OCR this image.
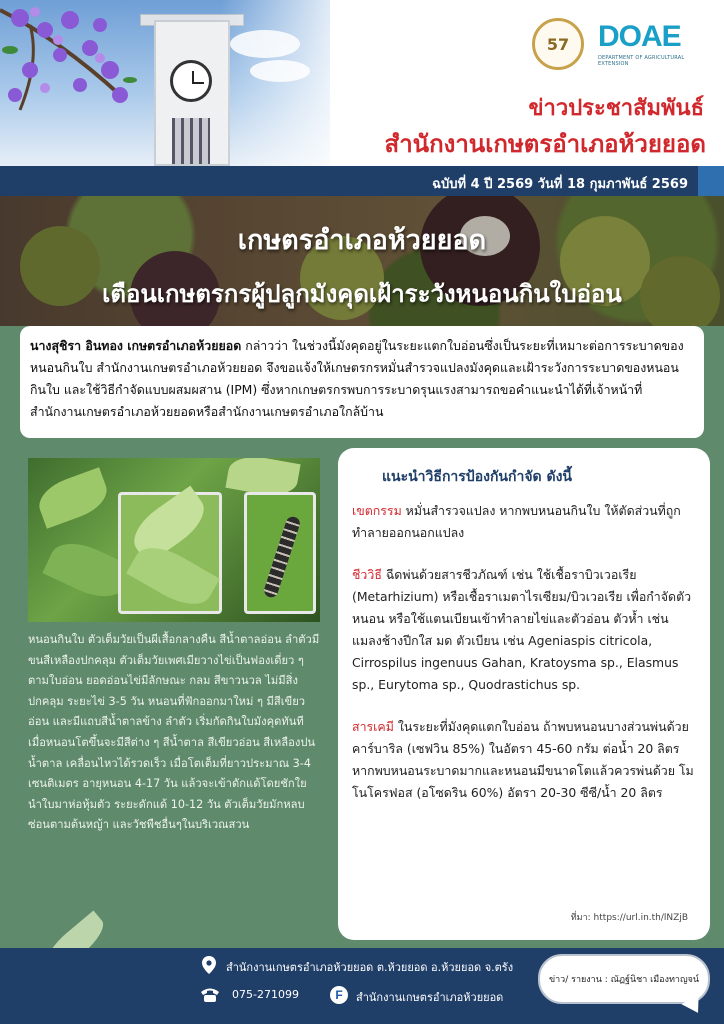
57 DOAE
DEPARTMENT OF AGRICULTURAL EXTENSION
ข่าวประชาสัมพันธ์
สำนักงานเกษตรอำเภอห้วยยอด
ฉบับที่ 4 ปี 2569 วันที่ 18 กุมภาพันธ์ 2569
เกษตรอำเภอห้วยยอด
เตือนเกษตรกรผู้ปลูกมังคุดเฝ้าระวังหนอนกินใบอ่อน
นางสุชิรา อินทอง เกษตรอำเภอห้วยยอด กล่าวว่า ในช่วงนี้มังคุดอยู่ในระยะแตกใบอ่อนซึ่งเป็นระยะที่เหมาะต่อการระบาดของหนอนกินใบ สำนักงานเกษตรอำเภอห้วยยอด จึงขอแจ้งให้เกษตรกรหมั่นสำรวจแปลงมังคุดและเฝ้าระวังการระบาดของหนอนกินใบ และใช้วิธีกำจัดแบบผสมผสาน (IPM) ซึ่งหากเกษตรกรพบการระบาดรุนแรงสามารถขอคำแนะนำได้ที่เจ้าหน้าที่สำนักงานเกษตรอำเภอห้วยยอดหรือสำนักงานเกษตรอำเภอใกล้บ้าน
หนอนกินใบ ตัวเต็มวัยเป็นผีเสื้อกลางคืน สีน้ำตาลอ่อน ลำตัวมีขนสีเหลืองปกคลุม ตัวเต็มวัยเพศเมียวางไข่เป็นฟองเดี่ยว ๆ ตามใบอ่อน ยอดอ่อนไข่มีลักษณะ กลม สีขาวนวล ไม่มีสิ่งปกคลุม ระยะไข่ 3-5 วัน หนอนที่ฟักออกมาใหม่ ๆ มีสีเขียวอ่อน และมีแถบสีน้ำตาลข้าง ลำตัว เริ่มกัดกินใบมังคุดทันที เมื่อหนอนโตขึ้นจะมีสีต่าง ๆ สีน้ำตาล สีเขียวอ่อน สีเหลืองปนน้ำตาล เคลื่อนไหวได้รวดเร็ว เมื่อโตเต็มที่ยาวประมาณ 3-4 เซนติเมตร อายุหนอน 4-17 วัน แล้วจะเข้าดักแด้โดยชักใยนำใบมาห่อหุ้มตัว ระยะดักแด้ 10-12 วัน ตัวเต็มวัยมักหลบซ่อนตามต้นหญ้า และวัชพืชอื่นๆในบริเวณสวน
แนะนำวิธีการป้องกันกำจัด ดังนี้
เขตกรรม หมั่นสำรวจแปลง หากพบหนอนกินใบ ให้ตัดส่วนที่ถูกทำลายออกนอกแปลง
ชีววิธี ฉีดพ่นด้วยสารชีวภัณฑ์ เช่น ใช้เชื้อราบิวเวอเรีย (Metarhizium) หรือเชื้อราเมตาไรเซียม/บิวเวอเรีย เพื่อกำจัดตัวหนอน หรือใช้แตนเบียนเข้าทำลายไข่และตัวอ่อน ตัวห้ำ เช่น แมลงช้างปีกใส มด ตัวเบียน เช่น Ageniaspis citricola, Cirrospilus ingenuus Gahan, Kratoysma sp., Elasmus sp., Eurytoma sp., Quodrastichus sp.
สารเคมี ในระยะที่มังคุดแตกใบอ่อน ถ้าพบหนอนบางส่วนพ่นด้วย คาร์บาริล (เซฟวิน 85%) ในอัตรา 45-60 กรัม ต่อน้ำ 20 ลิตร หากพบหนอนระบาดมากและหนอนมีขนาดโตแล้วควรพ่นด้วย โมโนโครฟอส (อโซดริน 60%) อัตรา 20-30 ซีซี/น้ำ 20 ลิตร
ที่มา: https://url.in.th/lNZjB
สำนักงานเกษตรอำเภอห้วยยอด ต.ห้วยยอด อ.ห้วยยอด จ.ตรัง
075-271099	F	สำนักงานเกษตรอำเภอห้วยยอด
ข่าว/ รายงาน : ณัฏฐ์นิชา เมืองทาญจน์
